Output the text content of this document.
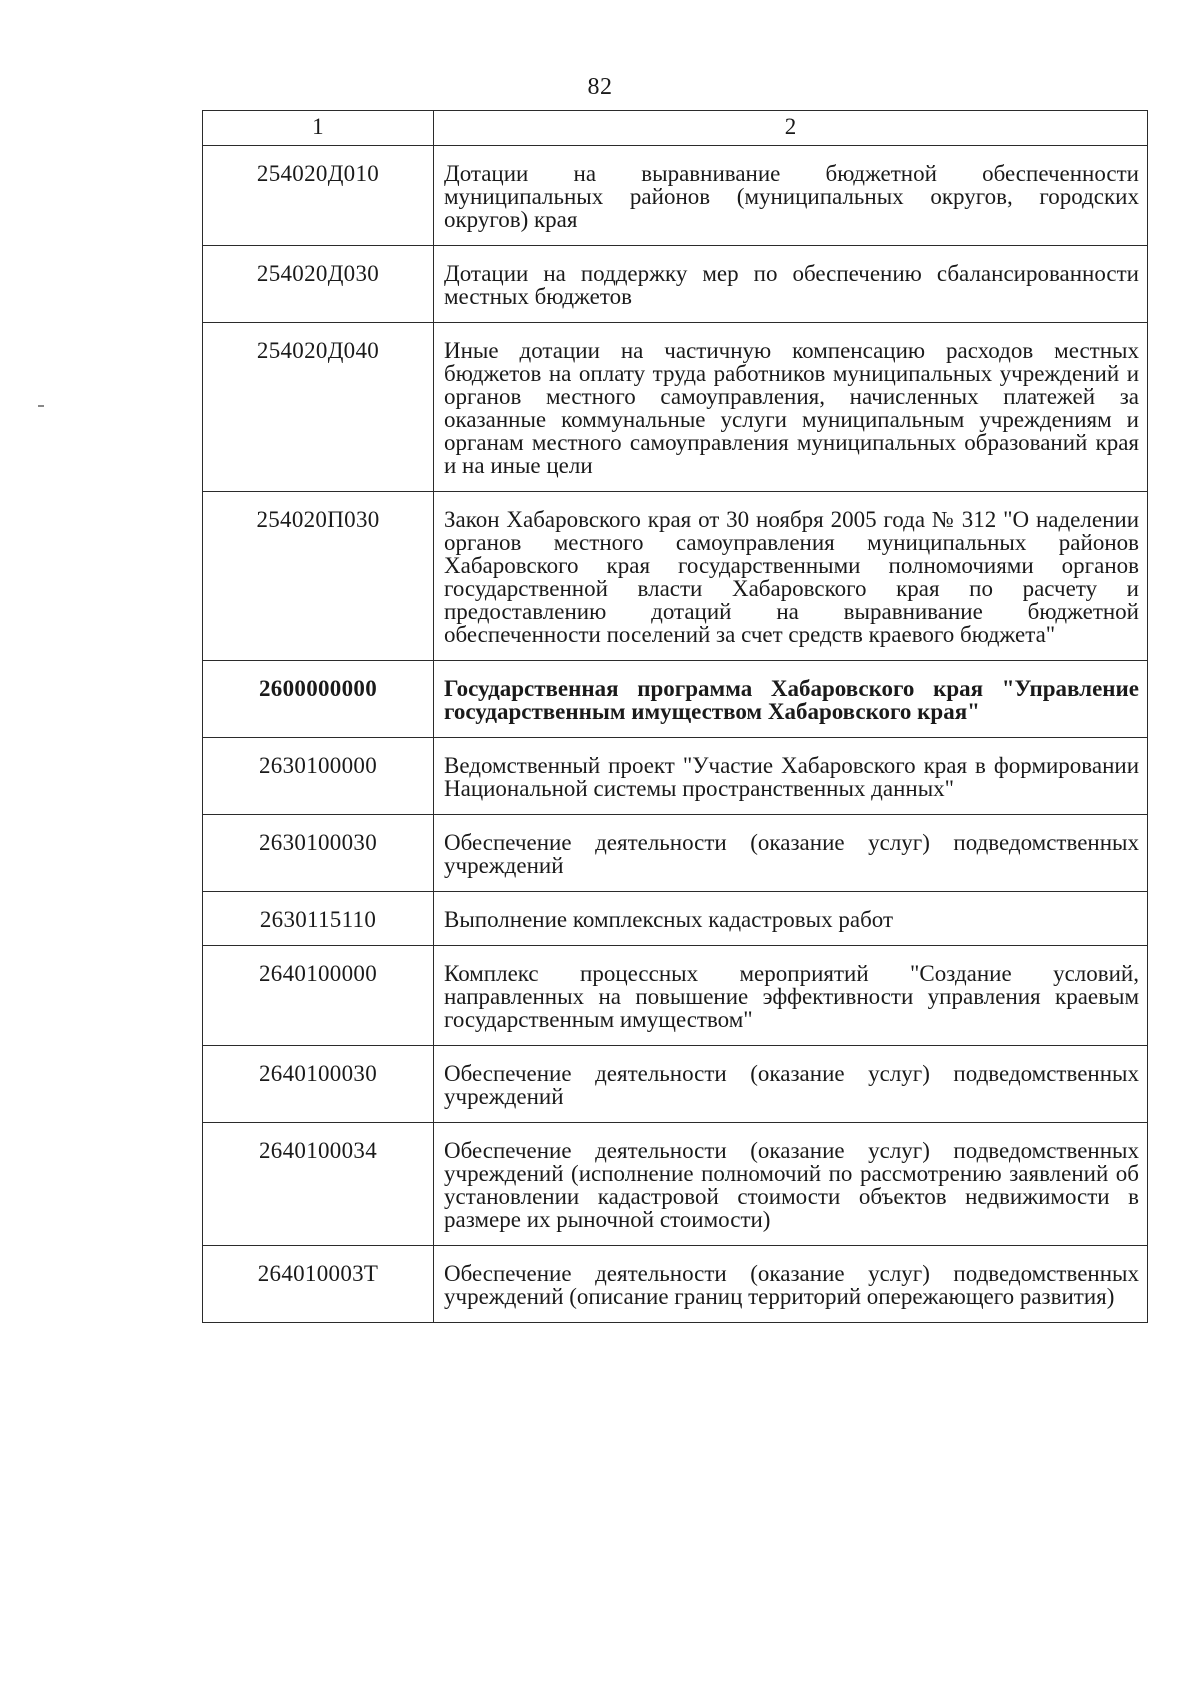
82
1	2
254020Д010	Дотации на выравнивание бюджетной обеспеченности муниципальных районов (муниципальных округов, городских округов) края
254020Д030	Дотации на поддержку мер по обеспечению сбалансированности местных бюджетов
254020Д040	Иные дотации на частичную компенсацию расходов местных бюджетов на оплату труда работников муниципальных учреждений и органов местного самоуправления, начисленных платежей за оказанные коммунальные услуги муниципальным учреждениям и органам местного самоуправления муниципальных образований края и на иные цели
254020П030	Закон Хабаровского края от 30 ноября 2005 года № 312 "О наделении органов местного самоуправления муниципальных районов Хабаровского края государственными полномочиями органов государственной власти Хабаровского края по расчету и предоставлению дотаций на выравнивание бюджетной обеспеченности поселений за счет средств краевого бюджета"
2600000000	Государственная программа Хабаровского края "Управление государственным имуществом Хабаровского края"
2630100000	Ведомственный проект "Участие Хабаровского края в формировании Национальной системы пространственных данных"
2630100030	Обеспечение деятельности (оказание услуг) подведомственных учреждений
2630115110	Выполнение комплексных кадастровых работ
2640100000	Комплекс процессных мероприятий "Создание условий, направленных на повышение эффективности управления краевым государственным имуществом"
2640100030	Обеспечение деятельности (оказание услуг) подведомственных учреждений
2640100034	Обеспечение деятельности (оказание услуг) подведомственных учреждений (исполнение полномочий по рассмотрению заявлений об установлении кадастровой стоимости объектов недвижимости в размере их рыночной стоимости)
264010003Т	Обеспечение деятельности (оказание услуг) подведомственных учреждений (описание границ территорий опережающего развития)
